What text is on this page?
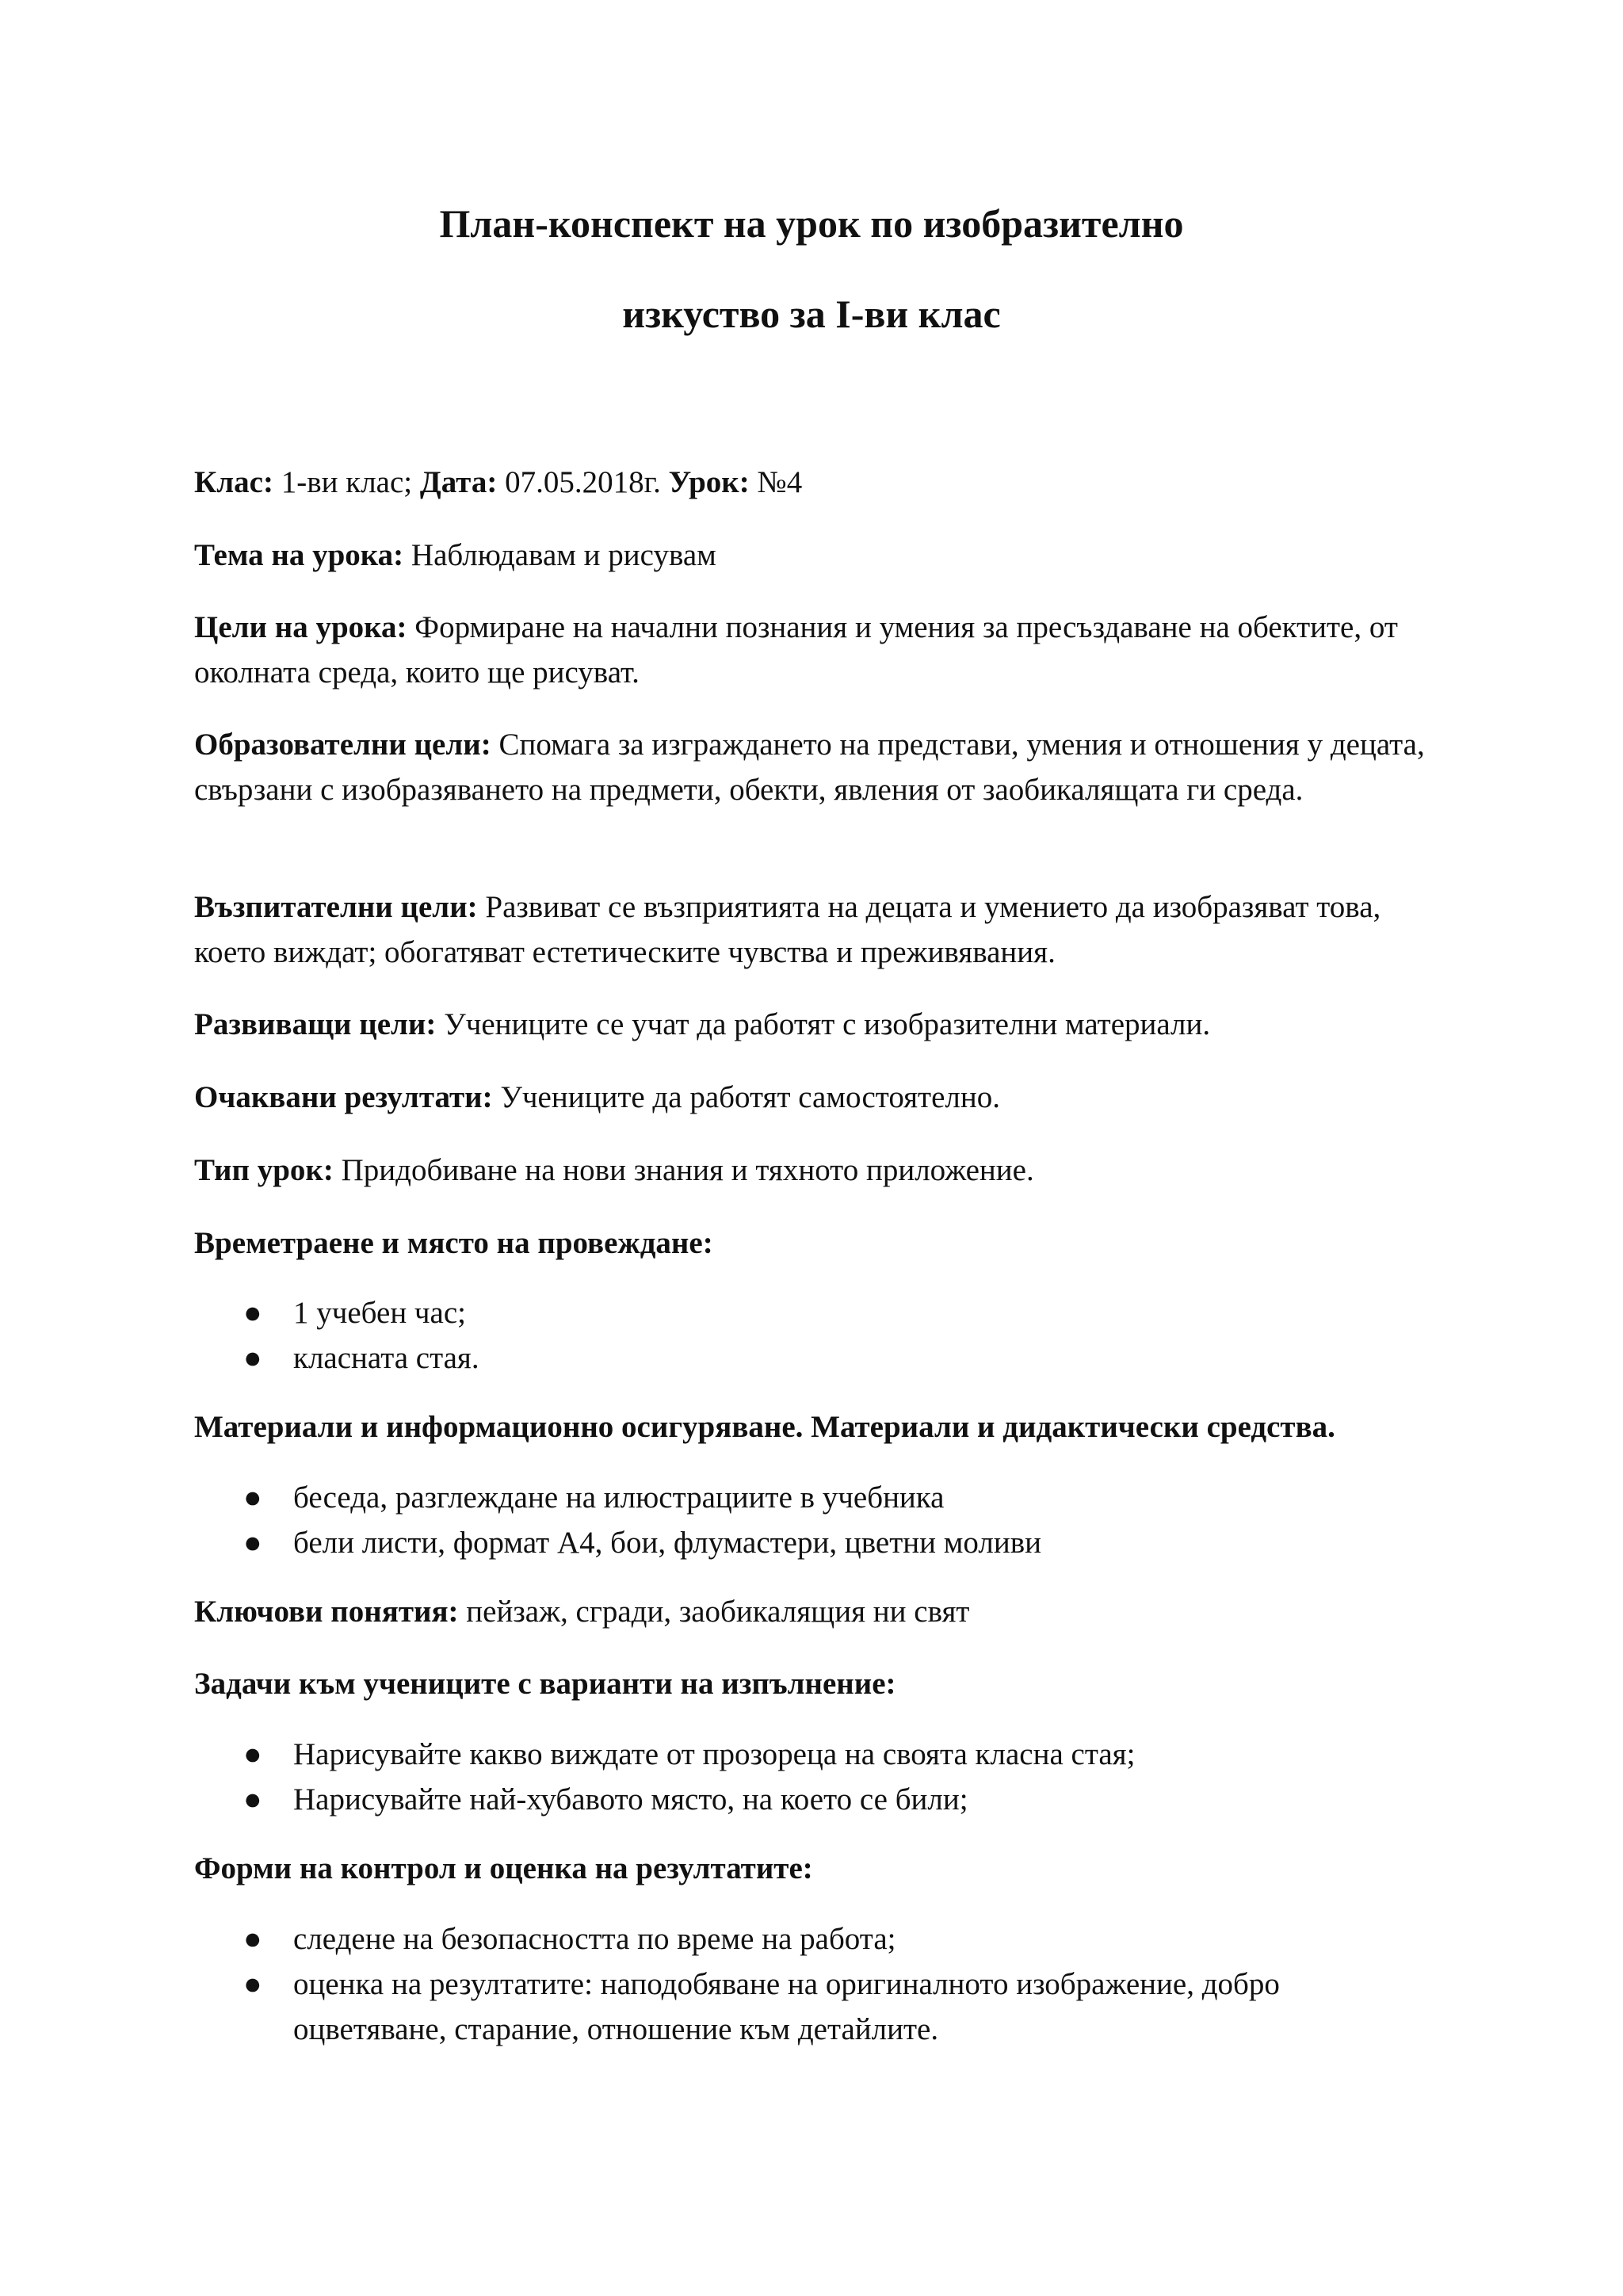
План-конспект на урок по изобразително
изкуство за I-ви клас

Клас: 1-ви клас; Дата: 07.05.2018г. Урок: №4

Тема на урока: Наблюдавам и рисувам

Цели на урока: Формиране на начални познания и умения за пресъздаване на обектите, от околната среда, които ще рисуват.

Образователни цели: Спомага за изграждането на представи, умения и отношения у децата, свързани с изобразяването на предмети, обекти, явления от заобикалящата ги среда.

Възпитателни цели: Развиват се възприятията на децата и умението да изобразяват това, което виждат; обогатяват естетическите чувства и преживявания.

Развиващи цели: Учениците се учат да работят с изобразителни материали.

Очаквани резултати: Учениците да работят самостоятелно.

Тип урок: Придобиване на нови знания и тяхното приложение.

Времетраене и място на провеждане:

● 1 учебен час;
● класната стая.

Материали и информационно осигуряване. Материали и дидактически средства.

● беседа, разглеждане на илюстрациите в учебника
● бели листи, формат А4, бои, флумастери, цветни моливи

Ключови понятия: пейзаж, сгради, заобикалящия ни свят

Задачи към учениците с варианти на изпълнение:

● Нарисувайте какво виждате от прозореца на своята класна стая;
● Нарисувайте най-хубавото място, на което се били;

Форми на контрол и оценка на резултатите:

● следене на безопасността по време на работа;
● оценка на резултатите: наподобяване на оригиналното изображение, добро оцветяване, старание, отношение към детайлите.
